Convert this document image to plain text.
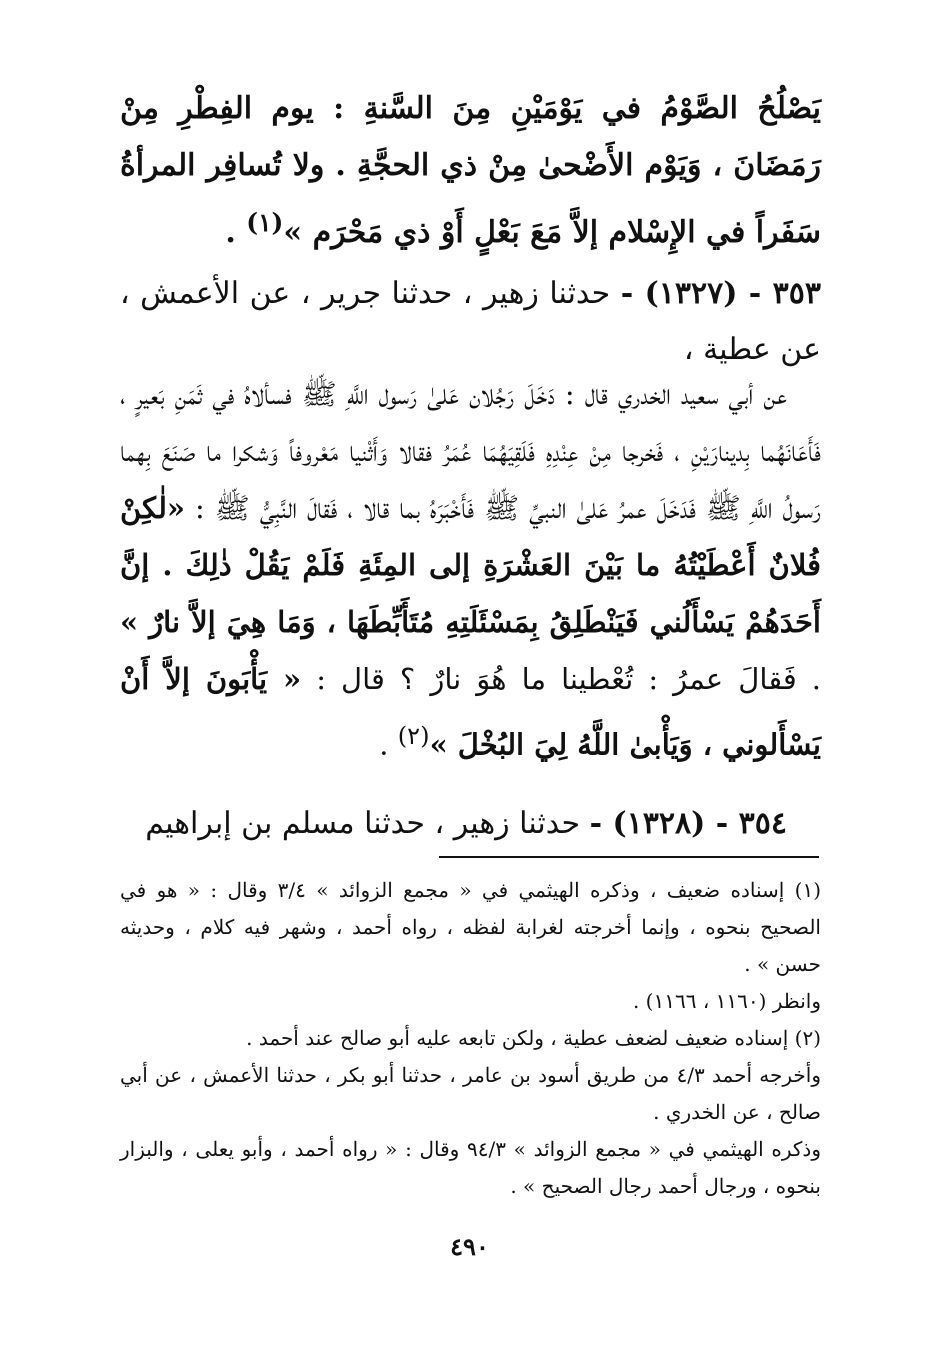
يَصْلُحُ الصَّوْمُ في يَوْمَيْنِ مِنَ السَّنةِ : يوم الفِطْرِ مِنْ رَمَضَانَ ، وَيَوْم الأَضْحىٰ مِنْ ذي الحجَّةِ . ولا تُسافِر المرأةُ سَفَراً في الإِسْلام إلاَّ مَعَ بَعْلٍ أَوْ ذي مَحْرَم »$^{(١)}$ .
٣٥٣ - (١٣٢٧) - حدثنا زهير ، حدثنا جرير ، عن الأعمش ، عن عطية ،
عن أبي سعيد الخدري قال : دَخَلَ رَجُلان عَلىٰ رَسول اللَّهِ ﷺ فسألاهُ في ثَمَنِ بَعيرٍ ، فَأَعَانَهُما بِدينارَيْنِ ، فَخرجا مِنْ عِنْدِهِ فَلَقِيَهُمَا عُمَرُ فقالا وَأَثْنيا مَعْروفاً وَشكرا ما صَنَعَ بِهما رَسولُ اللَّهِ ﷺ فَدَخَلَ عمرُ عَلىٰ النبيِّ ﷺ فَأَخْبَرَهُ بما قالا ، فَقالَ النَّبِيُّ ﷺ : «لٰكِنْ فُلانٌ أَعْطَيْتُهُ ما بَيْنَ العَشْرَةِ إلى المِئَةِ فَلَمْ يَقُلْ ذٰلِكَ . إنَّ أَحَدَهُمْ يَسْأَلُني فَيَنْطَلِقُ بِمَسْئَلَتِهِ مُتَأَبِّطَهَا ، وَمَا هِيَ إلاَّ نارٌ » . فَقالَ عمرُ : تُعْطينا ما هُوَ نارٌ ؟ قال : « يَأْبَونَ إلاَّ أَنْ يَسْأَلوني ، وَيَأْبىٰ اللَّهُ لِيَ البُخْلَ »$^{(٢)}$ .
٣٥٤ - (١٣٢٨) - حدثنا زهير ، حدثنا مسلم بن إبراهيم

(١) إسناده ضعيف ، وذكره الهيثمي في « مجمع الزوائد » ٣/٤ وقال : « هو في الصحيح بنحوه ، وإنما أخرجته لغرابة لفظه ، رواه أحمد ، وشهر فيه كلام ، وحديثه حسن » .

وانظر (١١٦٠ ، ١١٦٦) .

(٢) إسناده ضعيف لضعف عطية ، ولكن تابعه عليه أبو صالح عند أحمد .

وأخرجه أحمد ٤/٣ من طريق أسود بن عامر ، حدثنا أبو بكر ، حدثنا الأعمش ، عن أبي صالح ، عن الخدري .

وذكره الهيثمي في « مجمع الزوائد » ٩٤/٣ وقال : « رواه أحمد ، وأبو يعلى ، والبزار بنحوه ، ورجال أحمد رجال الصحيح » .

٤٩٠
